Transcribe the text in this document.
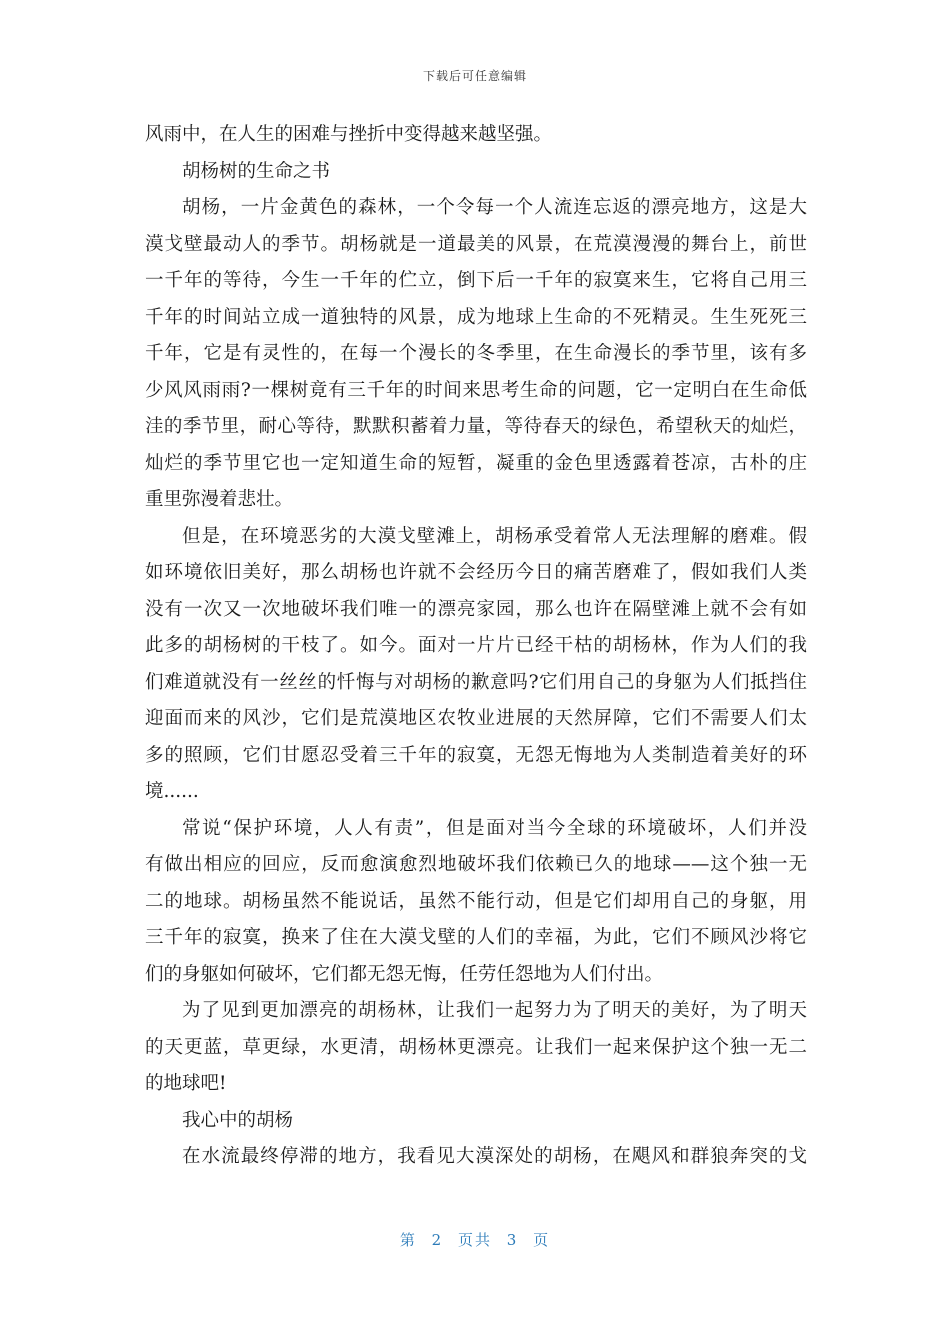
下载后可任意编辑
风雨中，在人生的困难与挫折中变得越来越坚强。
胡杨树的生命之书
胡杨，一片金黄色的森林，一个令每一个人流连忘返的漂亮地方，这是大
漠戈壁最动人的季节。胡杨就是一道最美的风景，在荒漠漫漫的舞台上，前世
一千年的等待，今生一千年的伫立，倒下后一千年的寂寞来生，它将自己用三
千年的时间站立成一道独特的风景，成为地球上生命的不死精灵。生生死死三
千年，它是有灵性的，在每一个漫长的冬季里，在生命漫长的季节里，该有多
少风风雨雨?一棵树竟有三千年的时间来思考生命的问题，它一定明白在生命低
洼的季节里，耐心等待，默默积蓄着力量，等待春天的绿色，希望秋天的灿烂，
灿烂的季节里它也一定知道生命的短暂，凝重的金色里透露着苍凉，古朴的庄
重里弥漫着悲壮。
但是，在环境恶劣的大漠戈壁滩上，胡杨承受着常人无法理解的磨难。假
如环境依旧美好，那么胡杨也许就不会经历今日的痛苦磨难了，假如我们人类
没有一次又一次地破坏我们唯一的漂亮家园，那么也许在隔壁滩上就不会有如
此多的胡杨树的干枝了。如今。面对一片片已经干枯的胡杨林，作为人们的我
们难道就没有一丝丝的忏悔与对胡杨的歉意吗?它们用自己的身躯为人们抵挡住
迎面而来的风沙，它们是荒漠地区农牧业进展的天然屏障，它们不需要人们太
多的照顾，它们甘愿忍受着三千年的寂寞，无怨无悔地为人类制造着美好的环
境......
常说“保护环境，人人有责”，但是面对当今全球的环境破坏，人们并没
有做出相应的回应，反而愈演愈烈地破坏我们依赖已久的地球——这个独一无
二的地球。胡杨虽然不能说话，虽然不能行动，但是它们却用自己的身躯，用
三千年的寂寞，换来了住在大漠戈壁的人们的幸福，为此，它们不顾风沙将它
们的身躯如何破坏，它们都无怨无悔，任劳任怨地为人们付出。
为了见到更加漂亮的胡杨林，让我们一起努力为了明天的美好，为了明天
的天更蓝，草更绿，水更清，胡杨林更漂亮。让我们一起来保护这个独一无二
的地球吧!
我心中的胡杨
在水流最终停滞的地方，我看见大漠深处的胡杨，在飓风和群狼奔突的戈
第 2 页共 3 页
